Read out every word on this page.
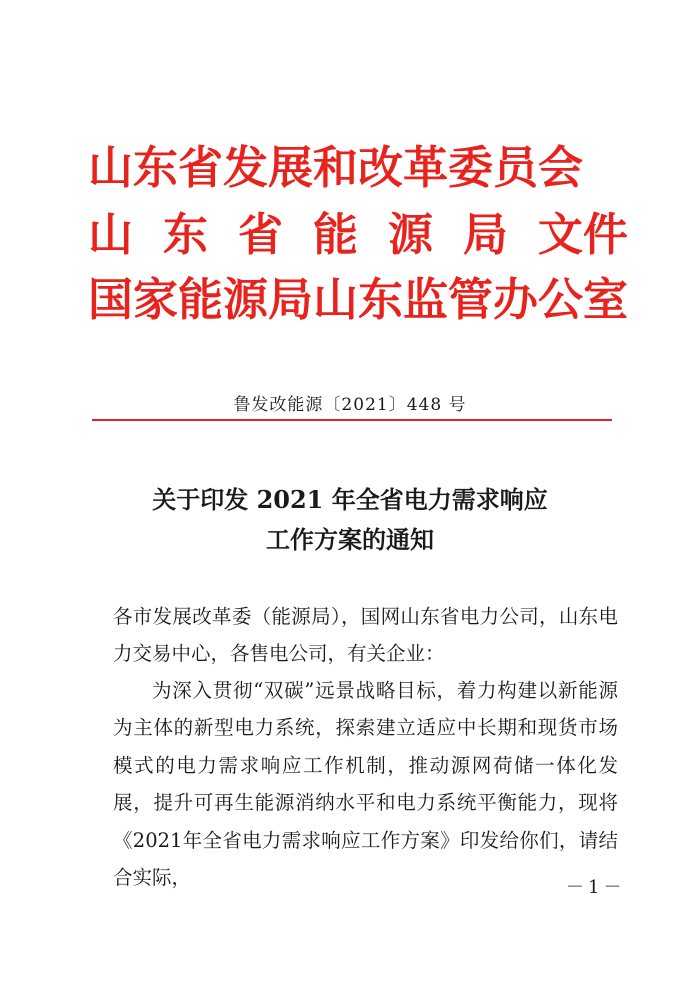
山东省发展和改革委员会
山 东 省 能 源 局 文件
国家能源局山东监管办公室
鲁发改能源〔2021〕448 号
关于印发 2021 年全省电力需求响应
工作方案的通知

各市发展改革委（能源局），国网山东省电力公司，山东电力交易中心，各售电公司，有关企业：

为深入贯彻“双碳”远景战略目标，着力构建以新能源为主体的新型电力系统，探索建立适应中长期和现货市场模式的电力需求响应工作机制，推动源网荷储一体化发展，提升可再生能源消纳水平和电力系统平衡能力，现将《2021年全省电力需求响应工作方案》印发给你们，请结合实际，	－1－
